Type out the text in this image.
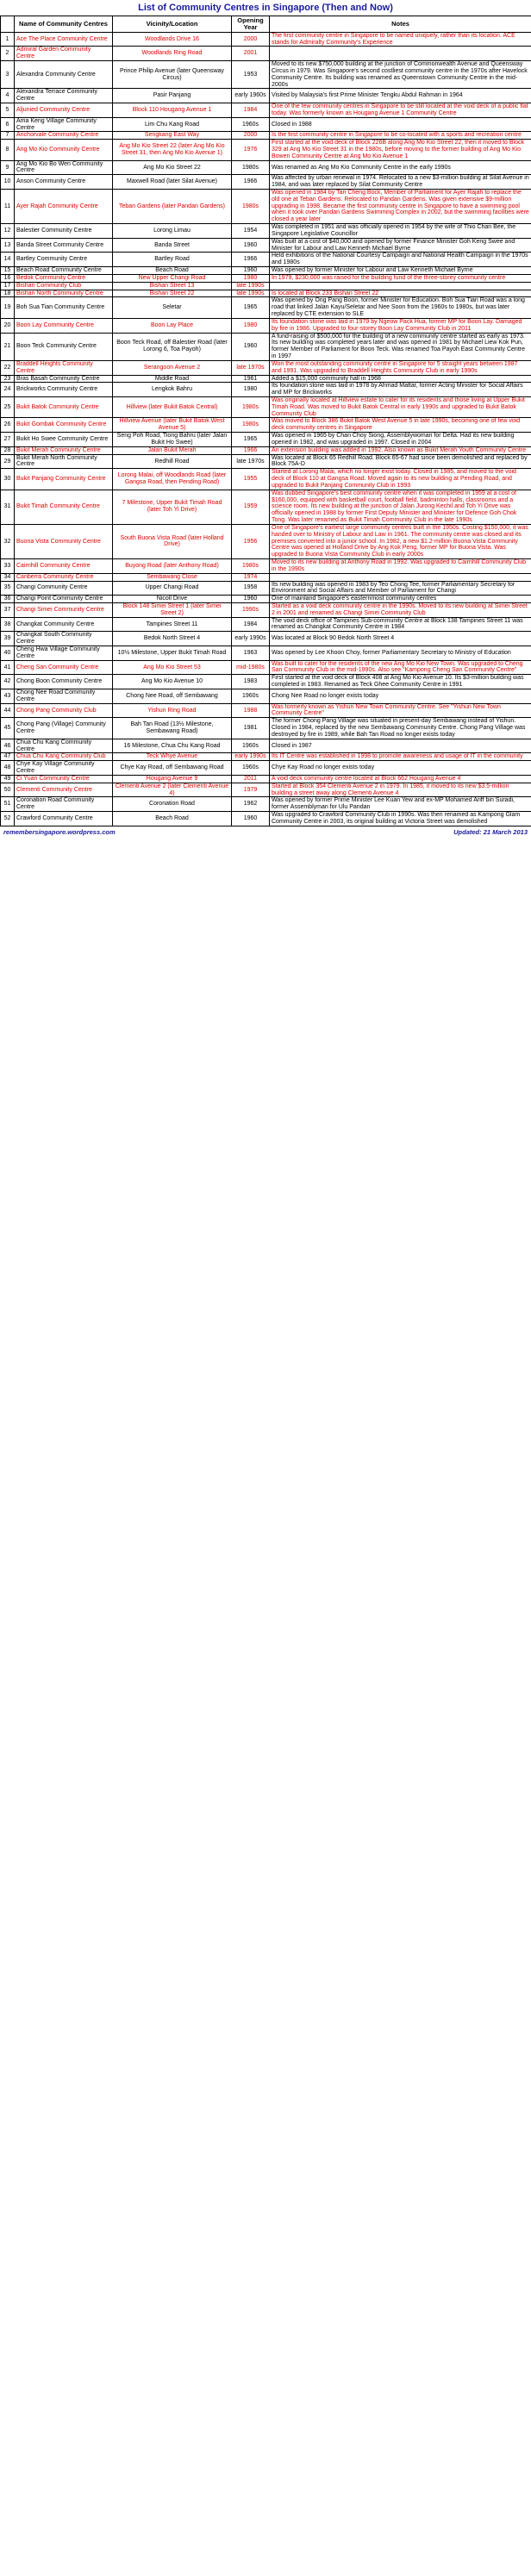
List of Community Centres in Singapore (Then and Now)
	Name of Community Centres	Vicinity/Location	Opening Year	Notes
1	Ace The Place Community Centre	Woodlands Drive 16	2000	The first community centre in Singapore to be named uniquely, rather than its location. ACE stands for Admiralty Community's Experience
2	Admiral Garden Community Centre	Woodlands Ring Road	2001	
3	Alexandra Community Centre	Prince Philip Avenue (later Queensway Circus)	1953	Moved to its new $750,000 building at the junction of Commonwealth Avenue and Queensway Circus in 1979. Was Singapore's second costliest community centre in the 1970s after Havelock Community Centre. Its building was renamed as Queenstown Community Centre in the mid-2000s
4	Alexandra Terrace Community Centre	Pasir Panjang	early 1960s	Visited by Malaysia's first Prime Minister Tengku Abdul Rahman in 1964
5	Aljunied Community Centre	Block 110 Hougang Avenue 1	1984	One of the few community centres in Singapore to be still located at the void deck of a public flat today. Was formerly known as Hougang Avenue 1 Community Centre
6	Ama Keng Village Community Centre	Lim Chu Kang Road	1960s	Closed in 1988
7	Anchorvale Community Centre	Sengkang East Way	2000	Is the first community centre in Singapore to be co-located with a sports and recreation centre
8	Ang Mo Kio Community Centre	Ang Mo Kio Street 22 (later Ang Mo Kio Street 31, then Ang Mo Kio Avenue 1)	1976	First started at the void deck of Block 226B along Ang Mo Kio Street 22, then it moved to Block 329 at Ang Mo Kio Street 31 in the 1980s, before moving to the former building of Ang Mo Kio Bowen Community Centre at Ang Mo Kio Avenue 1
9	Ang Mo Kio Bo Wen Community Centre	Ang Mo Kio Street 22	1980s	Was renamed as Ang Mo Kio Community Centre in the early 1990s
10	Anson Community Centre	Maxwell Road (later Silat Avenue)	1966	Was affected by urban renewal in 1974. Relocated to a new $3-million building at Silat Avenue in 1984, and was later replaced by Silat Community Centre
11	Ayer Rajah Community Centre	Teban Gardens (later Pandan Gardens)	1980s	Was opened in 1984 by Tan Cheng Bock, Member of Parliament for Ayer Rajah to replace the old one at Teban Gardens. Relocated to Pandan Gardens. Was given extensive $9-million upgrading in 1998. Became the first community centre in Singapore to have a swimming pool when it took over Pandan Gardens Swimming Complex in 2002, but the swimming facilities were closed a year later
12	Balestier Community Centre	Lorong Limau	1954	Was completed in 1951 and was officially opened in 1954 by the wife of Thio Chan Bee, the Singapore Legislative Councillor
13	Banda Street Community Centre	Banda Street	1960	Was built at a cost of $40,000 and opened by former Finance Minister Goh Keng Swee and Minister for Labour and Law Kenneth Michael Byrne
14	Bartley Community Centre	Bartley Road	1966	Held exhibitions of the National Courtesy Campaign and National Health Campaign in the 1970s and 1980s
15	Beach Road Community Centre	Beach Road	1960	Was opened by former Minister for Labour and Law Kenneth Michael Byrne
16	Bedok Community Centre	New Upper Changi Road	1980	In 1979, $230,000 was raised for the building fund of the three-storey community centre
17	Bishan Community Club	Bishan Street 13	late 1990s	
18	Bishan North Community Centre	Bishan Street 22	late 1990s	Is located at Block 233 Bishan Street 22
19	Boh Sua Tian Community Centre	Seletar	1965	Was opened by Ong Pang Boon, former Minister for Education. Boh Sua Tian Road was a long road that linked Jalan Kayu/Seletar and Nee Soon from the 1960s to 1980s, but was later replaced by CTE extension to SLE
20	Boon Lay Community Centre	Boon Lay Place	1980	Its foundation stone was laid in 1979 by Ngeow Pack Hua, former MP for Boon Lay. Damaged by fire in 1986. Upgraded to four-storey Boon Lay Community Club in 2011
21	Boon Teck Community Centre	Boon Teck Road, off Balestier Road (later Lorong 6, Toa Payoh)	1960	A fund-raising of $500,000 for the building of a new community centre started as early as 1973. Its new building was completed years later and was opened in 1981 by Michael Liew Kok Pun, former Member of Parliament for Boon Teck. Was renamed Toa Payoh East Community Centre in 1997
22	Braddell Heights Community Centre	Serangoon Avenue 2	late 1970s	Won the most outstanding community centre in Singapore for 5 straight years between 1987 and 1991. Was upgraded to Braddell Heights Community Club in early 1990s
23	Bras Basah Community Centre	Middle Road	1961	Added a $15,000 community hall in 1968
24	Brickworks Community Centre	Lengkok Bahru	1980	Its foundation stone was laid in 1978 by Ahmad Mattar, former Acting Minister for Social Affairs and MP for Brickworks
25	Bukit Batok Community Centre	Hillview (later Bukit Batok Central)	1980s	Was originally located at Hillview estate to cater for its residents and those living at Upper Bukit Timah Road. Was moved to Bukit Batok Central in early 1990s and upgraded to Bukit Batok Community Club
26	Bukit Gombak Community Centre	Hillview Avenue (later Bukit Batok West Avenue 5)	1980s	Was moved to Block 386 Bukit Batok West Avenue 5 in late 1990s, becoming one of few void deck community centres in Singapore
27	Bukit Ho Swee Community Centre	Seng Poh Road, Tiong Bahru (later Jalan Bukit Ho Swee)	1965	Was opened in 1965 by Chan Choy Siong, Assemblywoman for Delta. Had its new building opened in 1982, and was upgraded in 1997. Closed in 2004
28	Bukit Merah Community Centre	Jalan Bukit Merah	1966	An extension building was added in 1992. Also known as Bukit Merah Youth Community Centre
29	Bukit Merah North Community Centre	Redhill Road	late 1970s	Was located at Block 65 Redhill Road. Block 65-67 had since been demolished and replaced by Block 75A-D
30	Bukit Panjang Community Centre	Lorong Malai, off Woodlands Road (later Gangsa Road, then Pending Road)	1955	Started at Lorong Malai, which no longer exist today. Closed in 1985, and moved to the void deck of Block 110 at Gangsa Road. Moved again to its new building at Pending Road, and upgraded to Bukit Panjang Community Club in 1993
31	Bukit Timah Community Centre	7 Milestone, Upper Bukit Timah Road (later Toh Yi Drive)	1959	Was dubbed Singapore's best community centre when it was completed in 1959 at a cost of $160,000, equipped with basketball court, football field, badminton halls, classrooms and a science room. Its new building at the junction of Jalan Jurong Kechil and Toh Yi Drive was officially opened in 1988 by former First Deputy Minister and Minister for Defence Goh Chok Tong. Was later renamed as Bukit Timah Community Club in the late 1990s
32	Buona Vista Community Centre	South Buona Vista Road (later Holland Drive)	1956	One of Singapore's earliest large community centres built in the 1950s. Costing $150,000, it was handed over to Ministry of Labour and Law in 1961. The community centre was closed and its premises converted into a junior school. In 1982, a new $1.2-million Buona Vista Community Centre was opened at Holland Drive by Ang Kok Peng, former MP for Buona Vista. Was upgraded to Buona Vista Community Club in early 2000s
33	Cairnhill Community Centre	Buyong Road (later Anthony Road)	1980s	Moved to its new building at Anthony Road in 1992. Was upgraded to Cairnhill Community Club in the 1990s
34	Canberra Community Centre	Sembawang Close	1974	
35	Changi Community Centre	Upper Changi Road	1958	Its new building was opened in 1983 by Teo Chong Tee, former Parliamentary Secretary for Environment and Social Affairs and Member of Parliament for Changi
36	Changi Point Community Centre	Nicoll Drive	1960	One of mainland Singapore's easternmost community centres
37	Changi Simei Community Centre	Block 148 Simei Street 1 (later Simei Street 2)	1990s	Started as a void deck community centre in the 1990s. Moved to its new building at Simei Street 2 in 2001 and renamed as Changi Simei Community Club
38	Changkat Community Centre	Tampines Street 11	1984	The void deck office of Tampines Sub-community Centre at Block 138 Tampines Street 11 was renamed as Changkat Community Centre in 1984
39	Changkat South Community Centre	Bedok North Street 4	early 1990s	Was located at Block 90 Bedok North Street 4
40	Cheng Hwa Village Community Centre	10½ Milestone, Upper Bukit Timah Road	1963	Was opened by Lee Khoon Choy, former Parliamentary Secretary to Ministry of Education
41	Cheng San Community Centre	Ang Mo Kio Street 53	mid-1980s	Was built to cater for the residents of the new Ang Mo Kio New Town. Was upgraded to Cheng San Community Club in the mid-1990s. Also see "Kampong Cheng San Community Centre"
42	Chong Boon Community Centre	Ang Mo Kio Avenue 10	1983	First started at the void deck of Block 408 at Ang Mo Kio Avenue 10. Its $3-million building was completed in 1983. Renamed as Teck Ghee Community Centre in 1991
43	Chong Nee Road Community Centre	Chong Nee Road, off Sembawang	1960s	Chong Nee Road no longer exists today
44	Chong Pang Community Club	Yishun Ring Road	1988	Was formerly known as Yishun New Town Community Centre. See "Yishun New Town Community Centre"
45	Chong Pang (Village) Community Centre	Bah Tan Road (13½ Milestone, Sembawang Road)	1981	The former Chong Pang Village was situated in present-day Sembawang instead of Yishun. Closed in 1984, replaced by the new Sembawang Community Centre. Chong Pang Village was destroyed by fire in 1989, while Bah Tan Road no longer exists today
46	Chua Chu Kang Community Centre	16 Milestone, Chua Chu Kang Road	1960s	Closed in 1987
47	Chua Chu Kang Community Club	Teck Whye Avenue	early 1990s	Its IT Centre was established in 1998 to promote awareness and usage of IT in the community
48	Chye Kay Village Community Centre	Chye Kay Road, off Sembawang Road	1960s	Chye Kay Road no longer exists today
49	Ci Yuan Community Centre	Hougang Avenue 9	2011	A void deck community centre located at Block 662 Hougang Avenue 4
50	Clementi Community Centre	Clementi Avenue 2 (later Clementi Avenue 4)	1979	Started at Block 354 Clementi Avenue 2 in 1979. In 1985, it moved to its new $3.5-million building a street away along Clementi Avenue 4
51	Coronation Road Community Centre	Coronation Road	1962	Was opened by former Prime Minister Lee Kuan Yew and ex-MP Mohamed Ariff bin Suradi, former Assemblyman for Ulu Pandan
52	Crawford Community Centre	Beach Road	1960	Was upgraded to Crawford Community Club in 1990s. Was then renamed as Kampong Glam Community Centre in 2003, its original building at Victoria Street was demolished
remembersingapore.wordpress.com	Updated: 21 March 2013
